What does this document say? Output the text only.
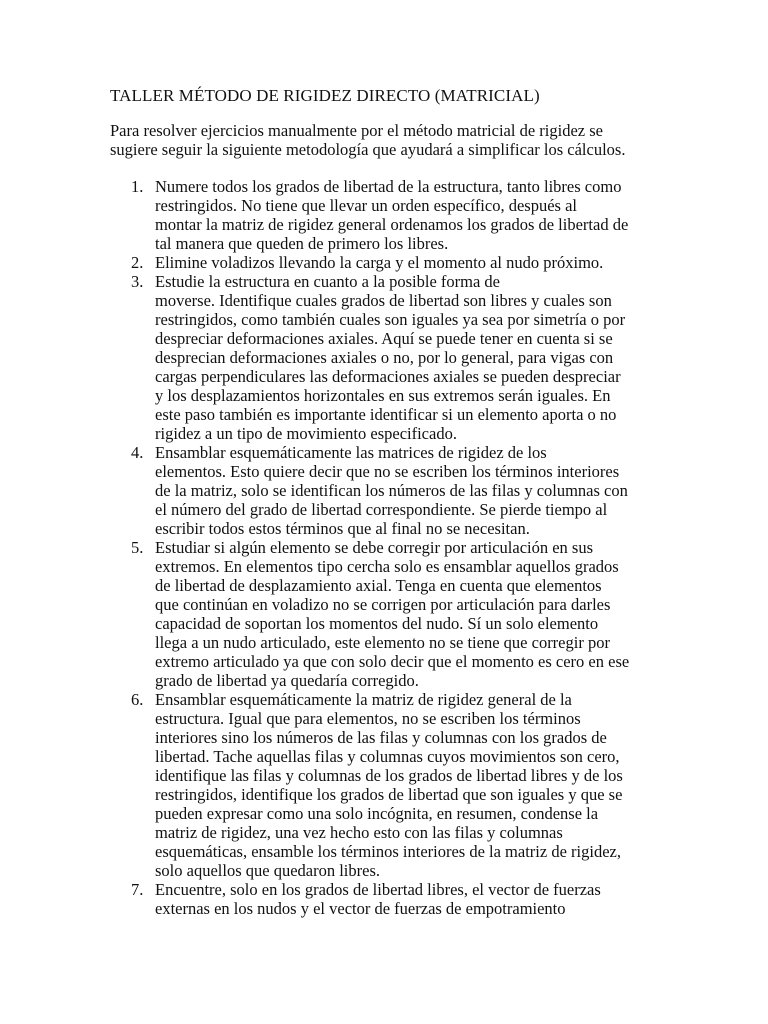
TALLER MÉTODO DE RIGIDEZ DIRECTO (MATRICIAL)

Para resolver ejercicios manualmente por el método matricial de rigidez se
sugiere seguir la siguiente metodología que ayudará a simplificar los cálculos.

1. Numere todos los grados de libertad de la estructura, tanto libres como
restringidos. No tiene que llevar un orden específico, después al
montar la matriz de rigidez general ordenamos los grados de libertad de
tal manera que queden de primero los libres.
2. Elimine voladizos llevando la carga y el momento al nudo próximo.
3. Estudie la estructura en cuanto a la posible forma de
moverse. Identifique cuales grados de libertad son libres y cuales son
restringidos, como también cuales son iguales ya sea por simetría o por
despreciar deformaciones axiales. Aquí se puede tener en cuenta si se
desprecian deformaciones axiales o no, por lo general, para vigas con
cargas perpendiculares las deformaciones axiales se pueden despreciar
y los desplazamientos horizontales en sus extremos serán iguales. En
este paso también es importante identificar si un elemento aporta o no
rigidez a un tipo de movimiento especificado.
4. Ensamblar esquemáticamente las matrices de rigidez de los
elementos. Esto quiere decir que no se escriben los términos interiores
de la matriz, solo se identifican los números de las filas y columnas con
el número del grado de libertad correspondiente. Se pierde tiempo al
escribir todos estos términos que al final no se necesitan.
5. Estudiar si algún elemento se debe corregir por articulación en sus
extremos. En elementos tipo cercha solo es ensamblar aquellos grados
de libertad de desplazamiento axial. Tenga en cuenta que elementos
que continúan en voladizo no se corrigen por articulación para darles
capacidad de soportan los momentos del nudo. Sí un solo elemento
llega a un nudo articulado, este elemento no se tiene que corregir por
extremo articulado ya que con solo decir que el momento es cero en ese
grado de libertad ya quedaría corregido.
6. Ensamblar esquemáticamente la matriz de rigidez general de la
estructura. Igual que para elementos, no se escriben los términos
interiores sino los números de las filas y columnas con los grados de
libertad. Tache aquellas filas y columnas cuyos movimientos son cero,
identifique las filas y columnas de los grados de libertad libres y de los
restringidos, identifique los grados de libertad que son iguales y que se
pueden expresar como una solo incógnita, en resumen, condense la
matriz de rigidez, una vez hecho esto con las filas y columnas
esquemáticas, ensamble los términos interiores de la matriz de rigidez,
solo aquellos que quedaron libres.
7. Encuentre, solo en los grados de libertad libres, el vector de fuerzas
externas en los nudos y el vector de fuerzas de empotramiento
